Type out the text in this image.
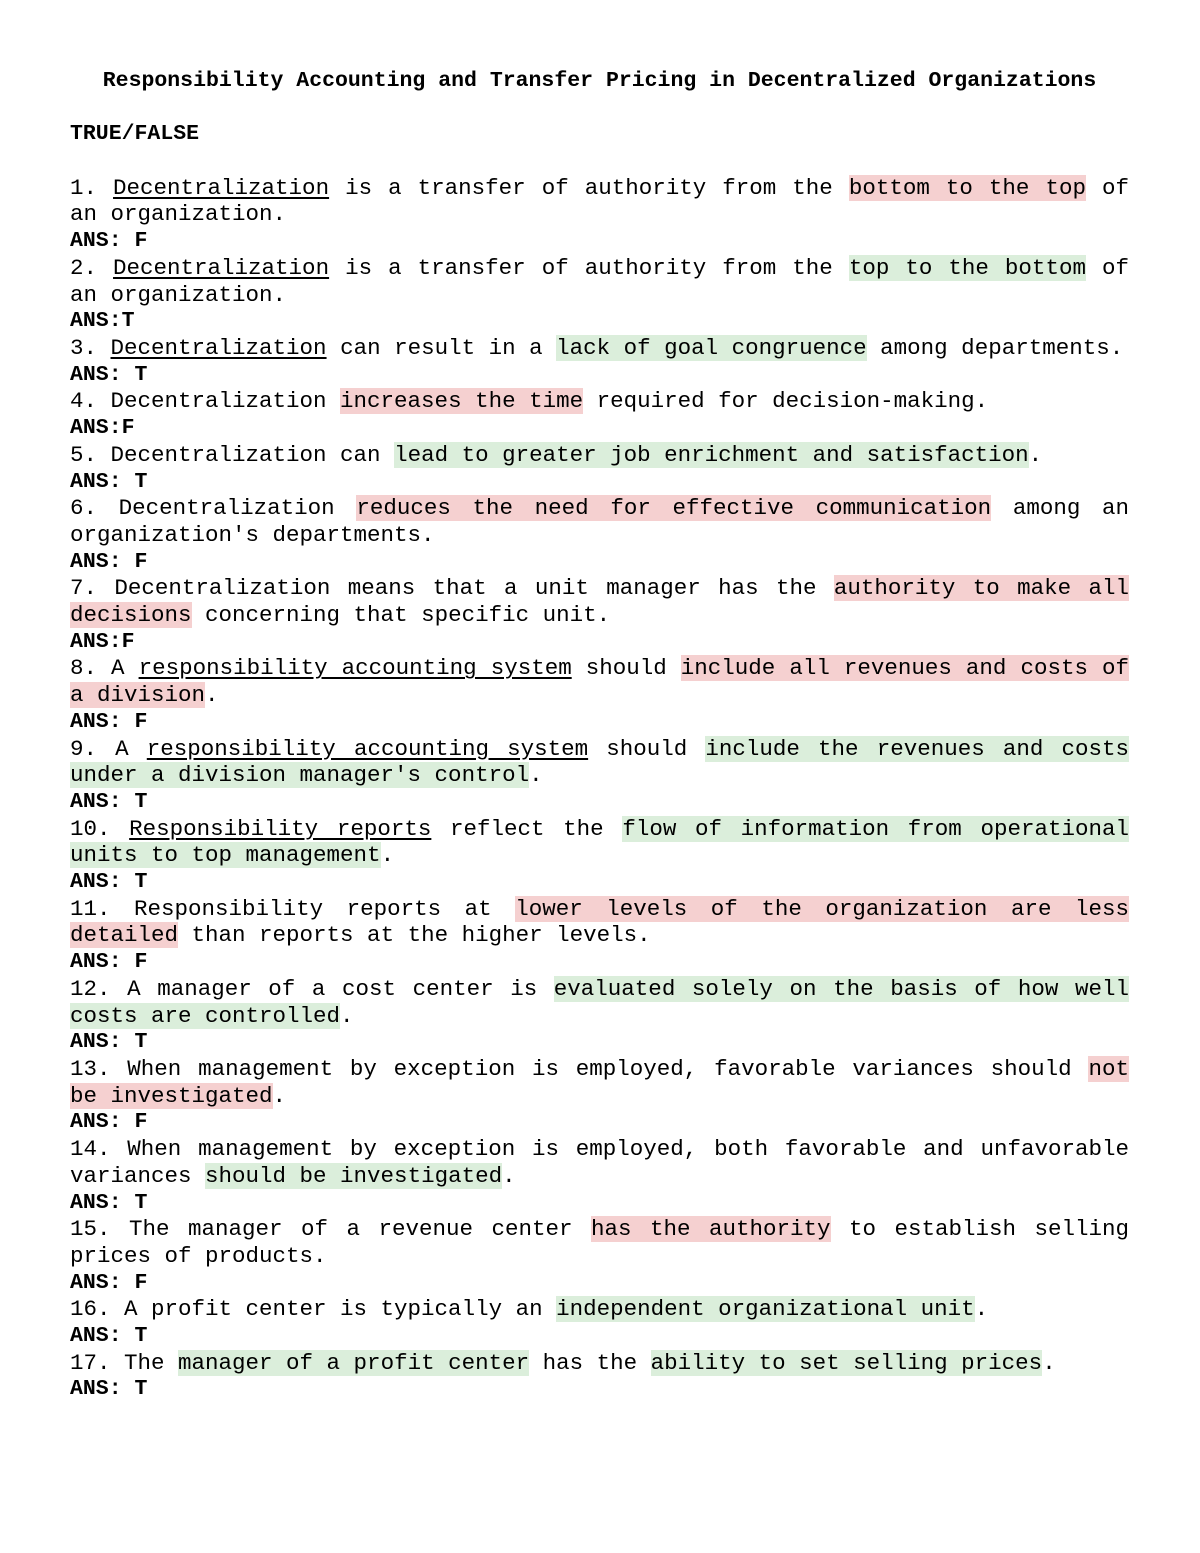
Responsibility Accounting and Transfer Pricing in Decentralized Organizations
TRUE/FALSE
1. Decentralization is a transfer of authority from the bottom to the top of an organization.
ANS: F
2. Decentralization is a transfer of authority from the top to the bottom of an organization.
ANS:T
3. Decentralization can result in a lack of goal congruence among departments.
ANS: T
4. Decentralization increases the time required for decision-making.
ANS:F
5. Decentralization can lead to greater job enrichment and satisfaction.
ANS: T
6. Decentralization reduces the need for effective communication among an organization's departments.
ANS: F
7. Decentralization means that a unit manager has the authority to make all decisions concerning that specific unit.
ANS:F
8. A responsibility accounting system should include all revenues and costs of a division.
ANS: F
9. A responsibility accounting system should include the revenues and costs under a division manager's control.
ANS: T
10. Responsibility reports reflect the flow of information from operational units to top management.
ANS: T
11. Responsibility reports at lower levels of the organization are less detailed than reports at the higher levels.
ANS: F
12. A manager of a cost center is evaluated solely on the basis of how well costs are controlled.
ANS: T
13. When management by exception is employed, favorable variances should not be investigated.
ANS: F
14. When management by exception is employed, both favorable and unfavorable variances should be investigated.
ANS: T
15. The manager of a revenue center has the authority to establish selling prices of products.
ANS: F
16. A profit center is typically an independent organizational unit.
ANS: T
17. The manager of a profit center has the ability to set selling prices.
ANS: T
